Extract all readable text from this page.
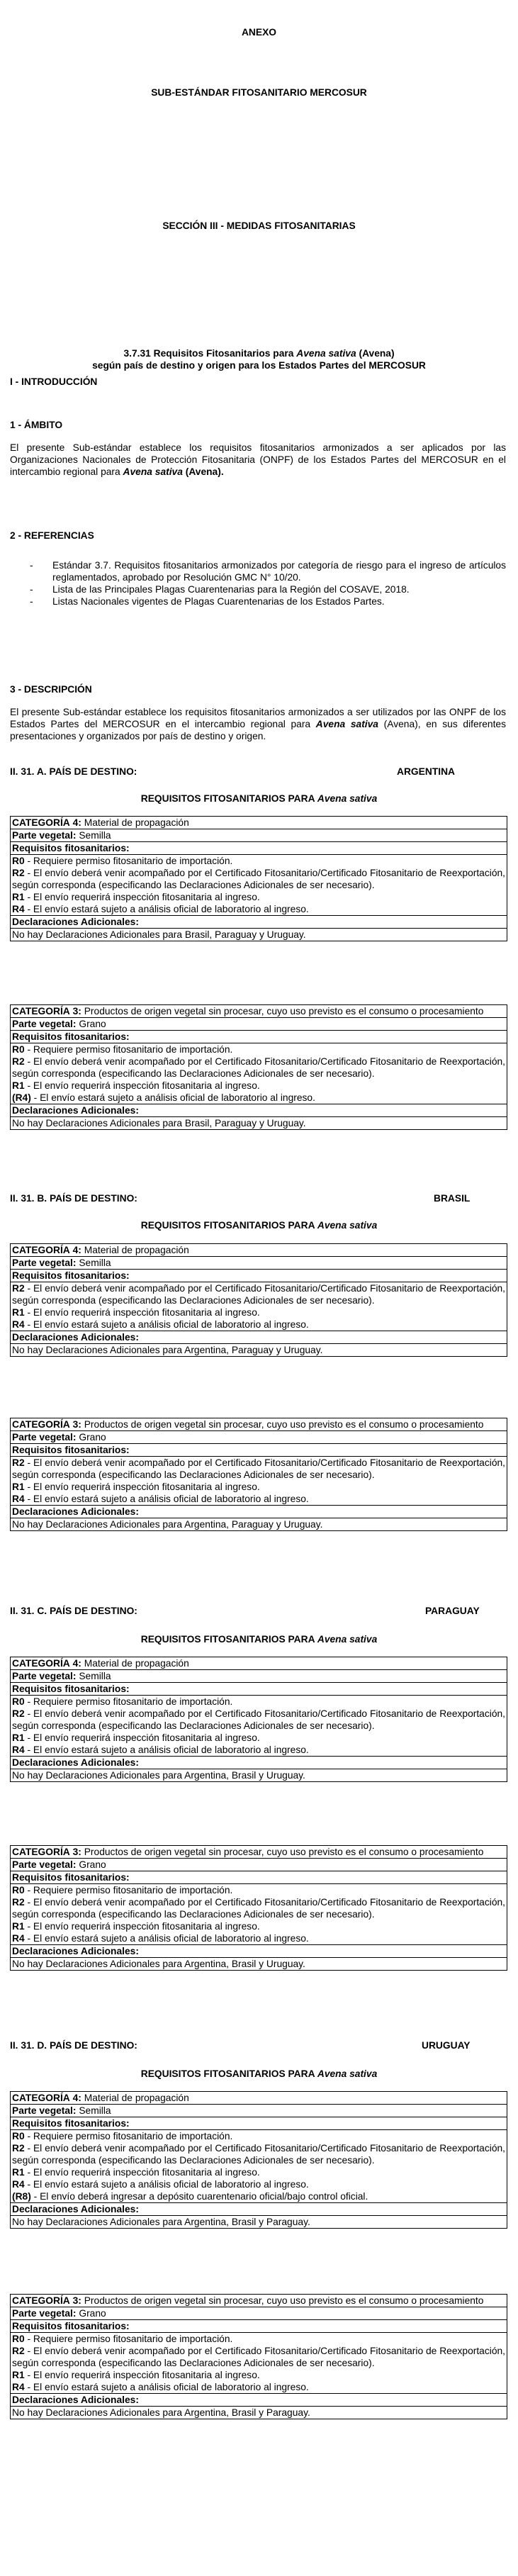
ANEXO
SUB-ESTÁNDAR FITOSANITARIO MERCOSUR
SECCIÓN III - MEDIDAS FITOSANITARIAS
3.7.31 Requisitos Fitosanitarios para Avena sativa (Avena)
según país de destino y origen para los Estados Partes del MERCOSUR
I - INTRODUCCIÓN
1 - ÁMBITO
El presente Sub-estándar establece los requisitos fitosanitarios armonizados a ser aplicados por las Organizaciones Nacionales de Protección Fitosanitaria (ONPF) de los Estados Partes del MERCOSUR en el intercambio regional para Avena sativa (Avena).
2 - REFERENCIAS
- Estándar 3.7. Requisitos fitosanitarios armonizados por categoría de riesgo para el ingreso de artículos reglamentados, aprobado por Resolución GMC N° 10/20.
- Lista de las Principales Plagas Cuarentenarias para la Región del COSAVE, 2018.
- Listas Nacionales vigentes de Plagas Cuarentenarias de los Estados Partes.
3 - DESCRIPCIÓN
El presente Sub-estándar establece los requisitos fitosanitarios armonizados a ser utilizados por las ONPF de los Estados Partes del MERCOSUR en el intercambio regional para Avena sativa (Avena), en sus diferentes presentaciones y organizados por país de destino y origen.
II. 31. A. PAÍS DE DESTINO:	ARGENTINA
REQUISITOS FITOSANITARIOS PARA Avena sativa
CATEGORÍA 4: Material de propagación
Parte vegetal: Semilla
Requisitos fitosanitarios:
R0 - Requiere permiso fitosanitario de importación.
R2 - El envío deberá venir acompañado por el Certificado Fitosanitario/Certificado Fitosanitario de Reexportación, según corresponda (especificando las Declaraciones Adicionales de ser necesario).
R1 - El envío requerirá inspección fitosanitaria al ingreso.
R4 - El envío estará sujeto a análisis oficial de laboratorio al ingreso.
Declaraciones Adicionales:
No hay Declaraciones Adicionales para Brasil, Paraguay y Uruguay.
CATEGORÍA 3: Productos de origen vegetal sin procesar, cuyo uso previsto es el consumo o procesamiento
Parte vegetal: Grano
Requisitos fitosanitarios:
R0 - Requiere permiso fitosanitario de importación.
R2 - El envío deberá venir acompañado por el Certificado Fitosanitario/Certificado Fitosanitario de Reexportación, según corresponda (especificando las Declaraciones Adicionales de ser necesario).
R1 - El envío requerirá inspección fitosanitaria al ingreso.
(R4) - El envío estará sujeto a análisis oficial de laboratorio al ingreso.
Declaraciones Adicionales:
No hay Declaraciones Adicionales para Brasil, Paraguay y Uruguay.
II. 31. B. PAÍS DE DESTINO:	BRASIL
REQUISITOS FITOSANITARIOS PARA Avena sativa
CATEGORÍA 4: Material de propagación
Parte vegetal: Semilla
Requisitos fitosanitarios:
R2 - El envío deberá venir acompañado por el Certificado Fitosanitario/Certificado Fitosanitario de Reexportación, según corresponda (especificando las Declaraciones Adicionales de ser necesario).
R1 - El envío requerirá inspección fitosanitaria al ingreso.
R4 - El envío estará sujeto a análisis oficial de laboratorio al ingreso.
Declaraciones Adicionales:
No hay Declaraciones Adicionales para Argentina, Paraguay y Uruguay.
CATEGORÍA 3: Productos de origen vegetal sin procesar, cuyo uso previsto es el consumo o procesamiento
Parte vegetal: Grano
Requisitos fitosanitarios:
R2 - El envío deberá venir acompañado por el Certificado Fitosanitario/Certificado Fitosanitario de Reexportación, según corresponda (especificando las Declaraciones Adicionales de ser necesario).
R1 - El envío requerirá inspección fitosanitaria al ingreso.
R4 - El envío estará sujeto a análisis oficial de laboratorio al ingreso.
Declaraciones Adicionales:
No hay Declaraciones Adicionales para Argentina, Paraguay y Uruguay.
II. 31. C. PAÍS DE DESTINO:	PARAGUAY
REQUISITOS FITOSANITARIOS PARA Avena sativa
CATEGORÍA 4: Material de propagación
Parte vegetal: Semilla
Requisitos fitosanitarios:
R0 - Requiere permiso fitosanitario de importación.
R2 - El envío deberá venir acompañado por el Certificado Fitosanitario/Certificado Fitosanitario de Reexportación, según corresponda (especificando las Declaraciones Adicionales de ser necesario).
R1 - El envío requerirá inspección fitosanitaria al ingreso.
R4 - El envío estará sujeto a análisis oficial de laboratorio al ingreso.
Declaraciones Adicionales:
No hay Declaraciones Adicionales para Argentina, Brasil y Uruguay.
CATEGORÍA 3: Productos de origen vegetal sin procesar, cuyo uso previsto es el consumo o procesamiento
Parte vegetal: Grano
Requisitos fitosanitarios:
R0 - Requiere permiso fitosanitario de importación.
R2 - El envío deberá venir acompañado por el Certificado Fitosanitario/Certificado Fitosanitario de Reexportación, según corresponda (especificando las Declaraciones Adicionales de ser necesario).
R1 - El envío requerirá inspección fitosanitaria al ingreso.
R4 - El envío estará sujeto a análisis oficial de laboratorio al ingreso.
Declaraciones Adicionales:
No hay Declaraciones Adicionales para Argentina, Brasil y Uruguay.
II. 31. D. PAÍS DE DESTINO:	URUGUAY
REQUISITOS FITOSANITARIOS PARA Avena sativa
CATEGORÍA 4: Material de propagación
Parte vegetal: Semilla
Requisitos fitosanitarios:
R0 - Requiere permiso fitosanitario de importación.
R2 - El envío deberá venir acompañado por el Certificado Fitosanitario/Certificado Fitosanitario de Reexportación, según corresponda (especificando las Declaraciones Adicionales de ser necesario).
R1 - El envío requerirá inspección fitosanitaria al ingreso.
R4 - El envío estará sujeto a análisis oficial de laboratorio al ingreso.
(R8) - El envío deberá ingresar a depósito cuarentenario oficial/bajo control oficial.
Declaraciones Adicionales:
No hay Declaraciones Adicionales para Argentina, Brasil y Paraguay.
CATEGORÍA 3: Productos de origen vegetal sin procesar, cuyo uso previsto es el consumo o procesamiento
Parte vegetal: Grano
Requisitos fitosanitarios:
R0 - Requiere permiso fitosanitario de importación.
R2 - El envío deberá venir acompañado por el Certificado Fitosanitario/Certificado Fitosanitario de Reexportación, según corresponda (especificando las Declaraciones Adicionales de ser necesario).
R1 - El envío requerirá inspección fitosanitaria al ingreso.
R4 - El envío estará sujeto a análisis oficial de laboratorio al ingreso.
Declaraciones Adicionales:
No hay Declaraciones Adicionales para Argentina, Brasil y Paraguay.
